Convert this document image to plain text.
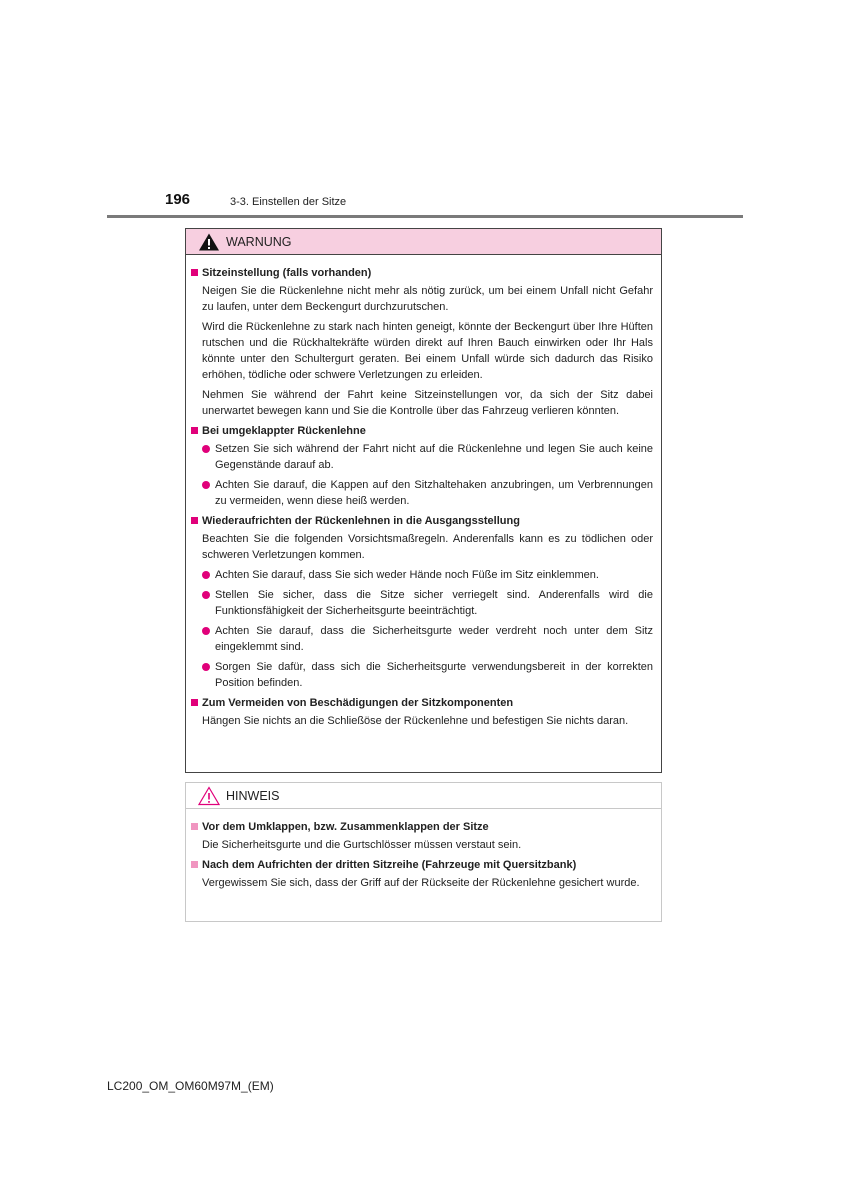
196	3-3. Einstellen der Sitze
WARNUNG
Sitzeinstellung (falls vorhanden)

Neigen Sie die Rückenlehne nicht mehr als nötig zurück, um bei einem Unfall nicht Gefahr zu laufen, unter dem Beckengurt durchzurutschen.

Wird die Rückenlehne zu stark nach hinten geneigt, könnte der Beckengurt über Ihre Hüften rutschen und die Rückhaltekräfte würden direkt auf Ihren Bauch einwirken oder Ihr Hals könnte unter den Schultergurt geraten. Bei einem Unfall würde sich dadurch das Risiko erhöhen, tödliche oder schwere Verletzungen zu erleiden.

Nehmen Sie während der Fahrt keine Sitzeinstellungen vor, da sich der Sitz dabei unerwartet bewegen kann und Sie die Kontrolle über das Fahrzeug verlieren könnten.

Bei umgeklappter Rückenlehne
Setzen Sie sich während der Fahrt nicht auf die Rückenlehne und legen Sie auch keine Gegenstände darauf ab.
Achten Sie darauf, die Kappen auf den Sitzhaltehaken anzubringen, um Verbrennungen zu vermeiden, wenn diese heiß werden.
Wiederaufrichten der Rückenlehnen in die Ausgangsstellung

Beachten Sie die folgenden Vorsichtsmaßregeln. Anderenfalls kann es zu tödlichen oder schweren Verletzungen kommen.

Achten Sie darauf, dass Sie sich weder Hände noch Füße im Sitz einklemmen.
Stellen Sie sicher, dass die Sitze sicher verriegelt sind. Anderenfalls wird die Funktionsfähigkeit der Sicherheitsgurte beeinträchtigt.
Achten Sie darauf, dass die Sicherheitsgurte weder verdreht noch unter dem Sitz eingeklemmt sind.
Sorgen Sie dafür, dass sich die Sicherheitsgurte verwendungsbereit in der korrekten Position befinden.
Zum Vermeiden von Beschädigungen der Sitzkomponenten

Hängen Sie nichts an die Schließöse der Rückenlehne und befestigen Sie nichts daran.

HINWEIS
Vor dem Umklappen, bzw. Zusammenklappen der Sitze

Die Sicherheitsgurte und die Gurtschlösser müssen verstaut sein.

Nach dem Aufrichten der dritten Sitzreihe (Fahrzeuge mit Quersitzbank)

Vergewissem Sie sich, dass der Griff auf der Rückseite der Rückenlehne gesichert wurde.

LC200_OM_OM60M97M_(EM)
